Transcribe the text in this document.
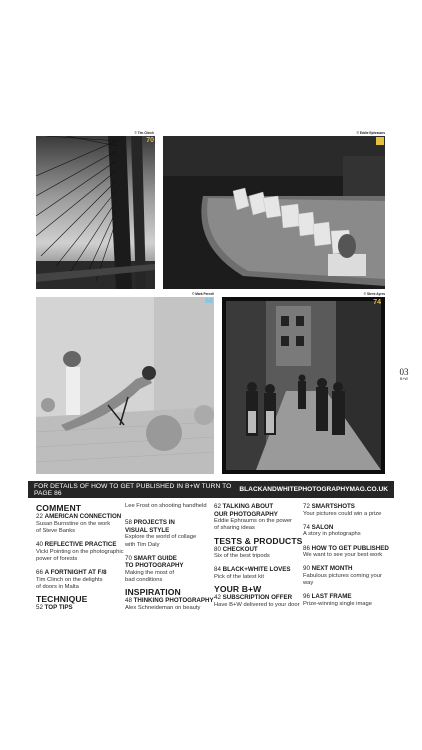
© Tim Clinch
70
© Eddie Ephraums
© Mark Percell
66
© Steve Ayres
74
03
B+W
FOR DETAILS OF HOW TO GET PUBLISHED IN B+W TURN TO PAGE 86	BLACKANDWHITEPHOTOGRAPHYMAG.CO.UK
COMMENT
22 AMERICAN CONNECTION
Susan Burnstine on the work
of Steve Banks
40 REFLECTIVE PRACTICE
Vicki Pointing on the photographic
power of forests
66 A FORTNIGHT AT F/8
Tim Clinch on the delights
of doors in Malta
TECHNIQUE
52 TOP TIPS
Lee Frost on shooting handheld
58 PROJECTS IN
VISUAL STYLE
Explore the world of collage
with Tim Daly
70 SMART GUIDE
TO PHOTOGRAPHY
Making the most of
bad conditions
INSPIRATION
48 THINKING PHOTOGRAPHY
Alex Schneideman on beauty
62 TALKING ABOUT
OUR PHOTOGRAPHY
Eddie Ephraums on the power
of sharing ideas
TESTS & PRODUCTS
80 CHECKOUT
Six of the best tripods
84 BLACK+WHITE LOVES
Pick of the latest kit
YOUR B+W
42 SUBSCRIPTION OFFER
Have B+W delivered to your door
72 SMARTSHOTS
Your pictures could win a prize
74 SALON
A story in photographs
86 HOW TO GET PUBLISHED
We want to see your best work
90 NEXT MONTH
Fabulous pictures coming your way
96 LAST FRAME
Prize-winning single image
